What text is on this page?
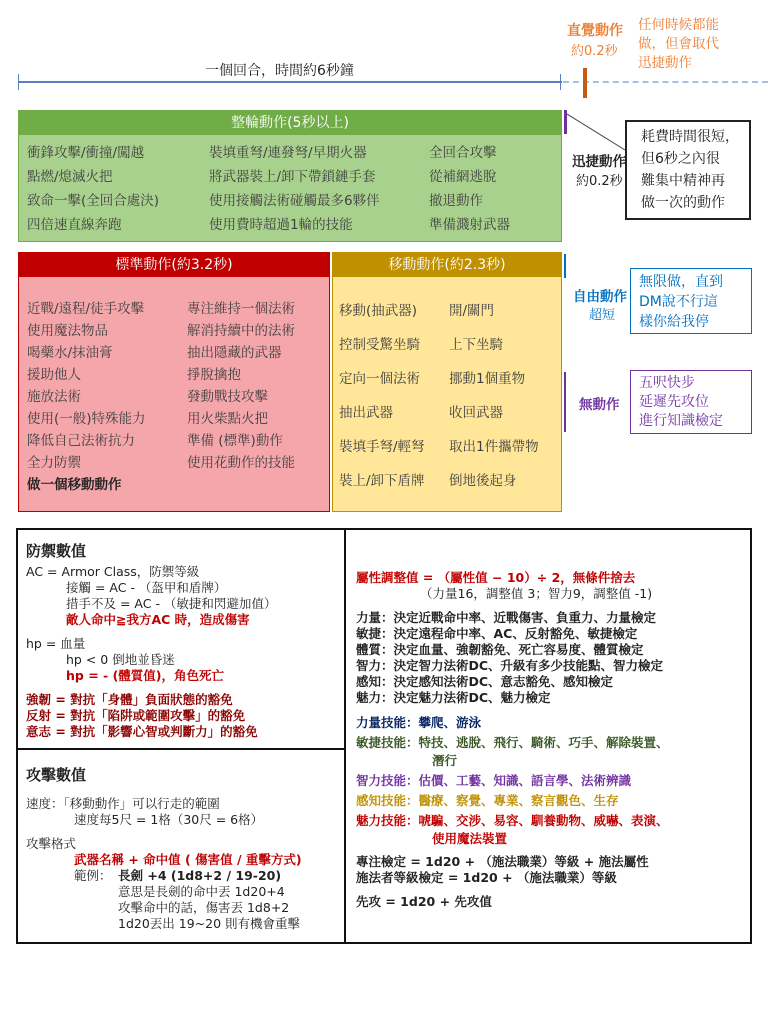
一個回合，時間約6秒鐘
直覺動作
約0.2秒
任何時候都能
做，但會取代
迅捷動作
整輪動作(5秒以上)
衝鋒攻擊/衝撞/闖越
點燃/熄滅火把
致命一擊(全回合處決)
四倍速直線奔跑
裝填重弩/連發弩/早期火器
將武器裝上/卸下帶鎖鏈手套
使用接觸法術碰觸最多6夥伴
使用費時超過1輪的技能
全回合攻擊
從補網逃脫
撤退動作
準備濺射武器
迅捷動作
約0.2秒
耗費時間很短，
但6秒之內很
難集中精神再
做一次的動作
標準動作(約3.2秒)
近戰/遠程/徒手攻擊
使用魔法物品
喝藥水/抹油膏
援助他人
施放法術
使用(一般)特殊能力
降低自己法術抗力
全力防禦
做一個移動動作
專注維持一個法術
解消持續中的法術
抽出隱藏的武器
掙脫擒抱
發動戰技攻擊
用火柴點火把
準備 (標準)動作
使用花動作的技能
移動動作(約2.3秒)
移動(抽武器)
控制受驚坐騎
定向一個法術
抽出武器
裝填手弩/輕弩
裝上/卸下盾牌
開/關門
上下坐騎
挪動1個重物
收回武器
取出1件攜帶物
倒地後起身
自由動作
超短
無限做，直到
DM說不行這
樣你給我停
無動作
五呎快步
延遲先攻位
進行知識檢定
防禦數值
AC = Armor Class，防禦等級
接觸 = AC - （盔甲和盾牌）
措手不及 = AC - （敏捷和閃避加值）
敵人命中≧我方AC 時，造成傷害
hp = 血量
hp < 0 倒地並昏迷
hp = - (體質值)，角色死亡
強韌 = 對抗「身體」負面狀態的豁免
反射 = 對抗「陷阱或範圍攻擊」的豁免
意志 = 對抗「影響心智或判斷力」的豁免
攻擊數值
速度：「移動動作」可以行走的範圍
速度每5尺 = 1格（30尺 = 6格）
攻擊格式
武器名稱 + 命中值 ( 傷害值 / 重擊方式)
範例： 長劍 +4 (1d8+2 / 19-20)
意思是長劍的命中丟 1d20+4
攻擊命中的話，傷害丟 1d8+2
1d20丟出 19~20 則有機會重擊
屬性調整值 = （屬性值 − 10）÷ 2，無條件捨去
（力量16，調整值 3；智力9，調整值 -1)
力量：決定近戰命中率、近戰傷害、負重力、力量檢定
敏捷：決定遠程命中率、AC、反射豁免、敏捷檢定
體質：決定血量、強韌豁免、死亡容易度、體質檢定
智力：決定智力法術DC、升級有多少技能點、智力檢定
感知：決定感知法術DC、意志豁免、感知檢定
魅力：決定魅力法術DC、魅力檢定
力量技能：攀爬、游泳
敏捷技能：特技、逃脫、飛行、騎術、巧手、解除裝置、
潛行
智力技能：估價、工藝、知識、語言學、法術辨識
感知技能：醫療、察覺、專業、察言觀色、生存
魅力技能：唬騙、交涉、易容、馴養動物、威嚇、表演、
使用魔法裝置
專注檢定 = 1d20 + （施法職業）等級 + 施法屬性
施法者等級檢定 = 1d20 + （施法職業）等級
先攻 = 1d20 + 先攻值
